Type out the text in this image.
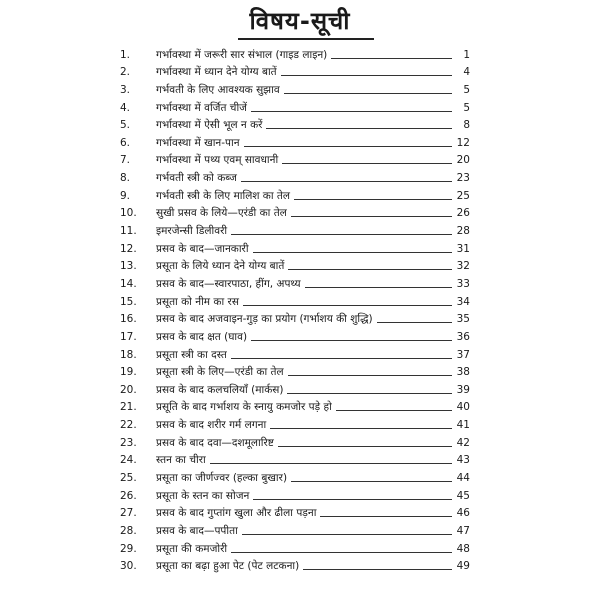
विषय-सूची
1.	गर्भावस्था में जरूरी सार संभाल (गाइड लाइन)	1
2.	गर्भावस्था में ध्यान देने योग्य बातें	4
3.	गर्भवती के लिए आवश्यक सुझाव	5
4.	गर्भावस्था में वर्जित चीजें	5
5.	गर्भावस्था में ऐसी भूल न करें	8
6.	गर्भावस्था में खान-पान	12
7.	गर्भावस्था में पथ्य एवम् सावधानी	20
8.	गर्भवती स्त्री को कब्ज	23
9.	गर्भवती स्त्री के लिए मालिश का तेल	25
10.	सुखी प्रसव के लिये—एरंडी का तेल	26
11.	इमरजेन्सी डिलीवरी	28
12.	प्रसव के बाद—जानकारी	31
13.	प्रसूता के लिये ध्यान देने योग्य बातें	32
14.	प्रसव के बाद—स्वारपाठा, हींग, अपथ्य	33
15.	प्रसूता को नीम का रस	34
16.	प्रसव के बाद अजवाइन-गुड़ का प्रयोग (गर्भाशय की शुद्धि)	35
17.	प्रसव के बाद क्षत (घाव)	36
18.	प्रसूता स्त्री का दस्त	37
19.	प्रसूता स्त्री के लिए—एरंडी का तेल	38
20.	प्रसव के बाद कलचलियाँ (मार्कस)	39
21.	प्रसूति के बाद गर्भाशय के स्नायु कमजोर पड़े हो	40
22.	प्रसव के बाद शरीर गर्म लगना	41
23.	प्रसव के बाद दवा—दशमूलारिष्ट	42
24.	स्तन का चीरा	43
25.	प्रसूता का जीर्णज्वर (हल्का बुखार)	44
26.	प्रसूता के स्तन का सोजन	45
27.	प्रसव के बाद गुप्तांग खुला और ढीला पड़ना	46
28.	प्रसव के बाद—पपीता	47
29.	प्रसूता की कमजोरी	48
30.	प्रसूता का बढ़ा हुआ पेट (पेट लटकना)	49
